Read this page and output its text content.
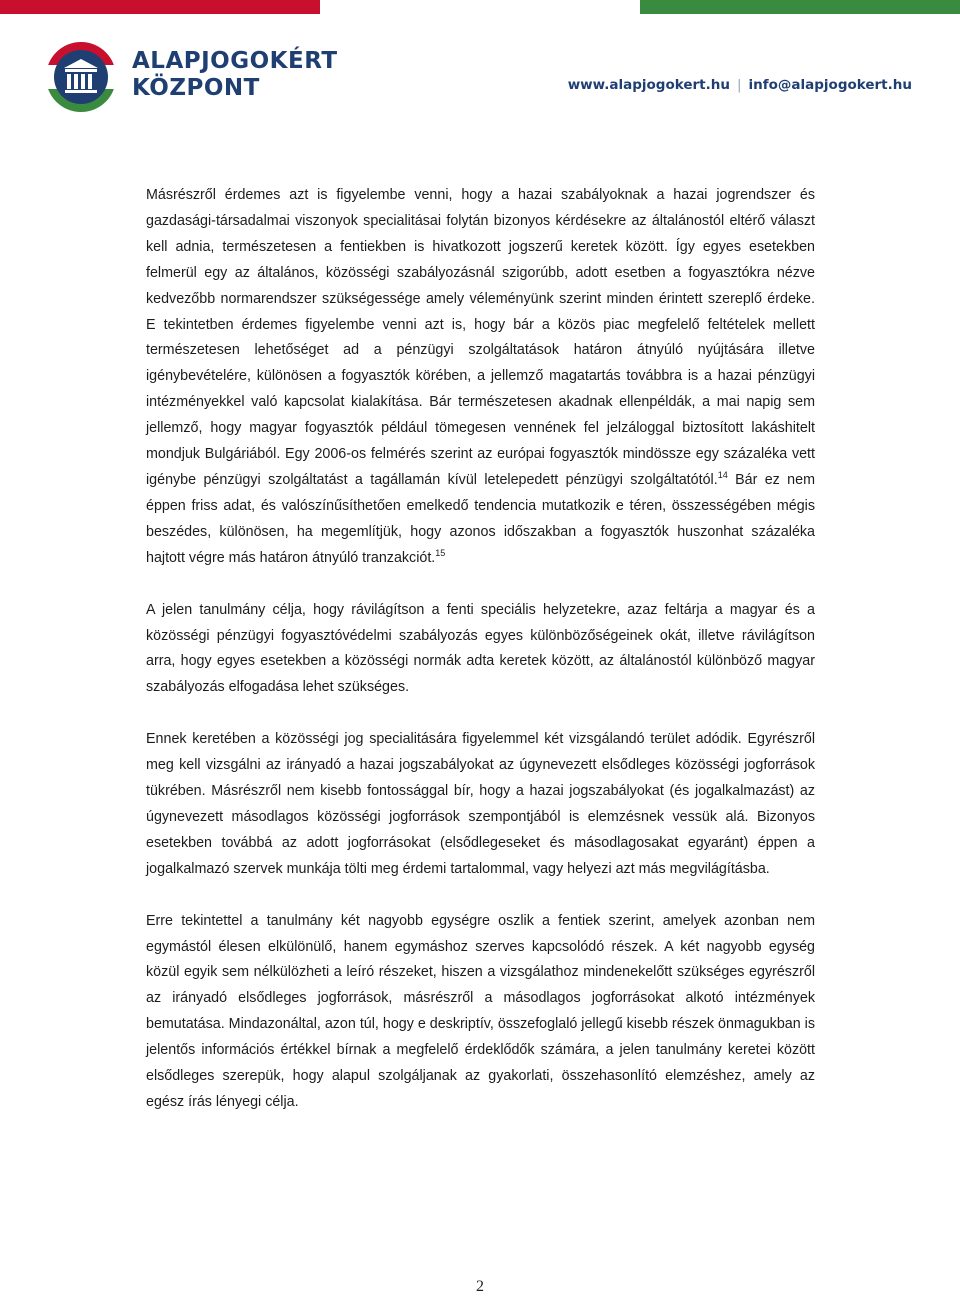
ALAPJOGOKÉRT
KÖZPONT	www.alapjogokert.hu | info@alapjogokert.hu

Másrészről érdemes azt is figyelembe venni, hogy a hazai szabályoknak a hazai jogrendszer és gazdasági-társadalmai viszonyok specialitásai folytán bizonyos kérdésekre az általánostól eltérő választ kell adnia, természetesen a fentiekben is hivatkozott jogszerű keretek között. Így egyes esetekben felmerül egy az általános, közösségi szabályozásnál szigorúbb, adott esetben a fogyasztókra nézve kedvezőbb normarendszer szükségessége amely véleményünk szerint minden érintett szereplő érdeke. E tekintetben érdemes figyelembe venni azt is, hogy bár a közös piac megfelelő feltételek mellett természetesen lehetőséget ad a pénzügyi szolgáltatások határon átnyúló nyújtására illetve igénybevételére, különösen a fogyasztók körében, a jellemző magatartás továbbra is a hazai pénzügyi intézményekkel való kapcsolat kialakítása. Bár természetesen akadnak ellenpéldák, a mai napig sem jellemző, hogy magyar fogyasztók például tömegesen vennének fel jelzáloggal biztosított lakáshitelt mondjuk Bulgáriából. Egy 2006-os felmérés szerint az európai fogyasztók mindössze egy százaléka vett igénybe pénzügyi szolgáltatást a tagállamán kívül letelepedett pénzügyi szolgáltatótól.$^{14}$ Bár ez nem éppen friss adat, és valószínűsíthetően emelkedő tendencia mutatkozik e téren, összességében mégis beszédes, különösen, ha megemlítjük, hogy azonos időszakban a fogyasztók huszonhat százaléka hajtott végre más határon átnyúló tranzakciót.$^{15}$

A jelen tanulmány célja, hogy rávilágítson a fenti speciális helyzetekre, azaz feltárja a magyar és a közösségi pénzügyi fogyasztóvédelmi szabályozás egyes különbözőségeinek okát, illetve rávilágítson arra, hogy egyes esetekben a közösségi normák adta keretek között, az általánostól különböző magyar szabályozás elfogadása lehet szükséges.

Ennek keretében a közösségi jog specialitására figyelemmel két vizsgálandó terület adódik. Egyrészről meg kell vizsgálni az irányadó a hazai jogszabályokat az úgynevezett elsődleges közösségi jogforrások tükrében. Másrészről nem kisebb fontossággal bír, hogy a hazai jogszabályokat (és jogalkalmazást) az úgynevezett másodlagos közösségi jogforrások szempontjából is elemzésnek vessük alá. Bizonyos esetekben továbbá az adott jogforrásokat (elsődlegeseket és másodlagosakat egyaránt) éppen a jogalkalmazó szervek munkája tölti meg érdemi tartalommal, vagy helyezi azt más megvilágításba.

Erre tekintettel a tanulmány két nagyobb egységre oszlik a fentiek szerint, amelyek azonban nem egymástól élesen elkülönülő, hanem egymáshoz szerves kapcsolódó részek. A két nagyobb egység közül egyik sem nélkülözheti a leíró részeket, hiszen a vizsgálathoz mindenekelőtt szükséges egyrészről az irányadó elsődleges jogforrások, másrészről a másodlagos jogforrásokat alkotó intézmények bemutatása. Mindazonáltal, azon túl, hogy e deskriptív, összefoglaló jellegű kisebb részek önmagukban is jelentős információs értékkel bírnak a megfelelő érdeklődők számára, a jelen tanulmány keretei között elsődleges szerepük, hogy alapul szolgáljanak az gyakorlati, összehasonlító elemzéshez, amely az egész írás lényegi célja.

2
